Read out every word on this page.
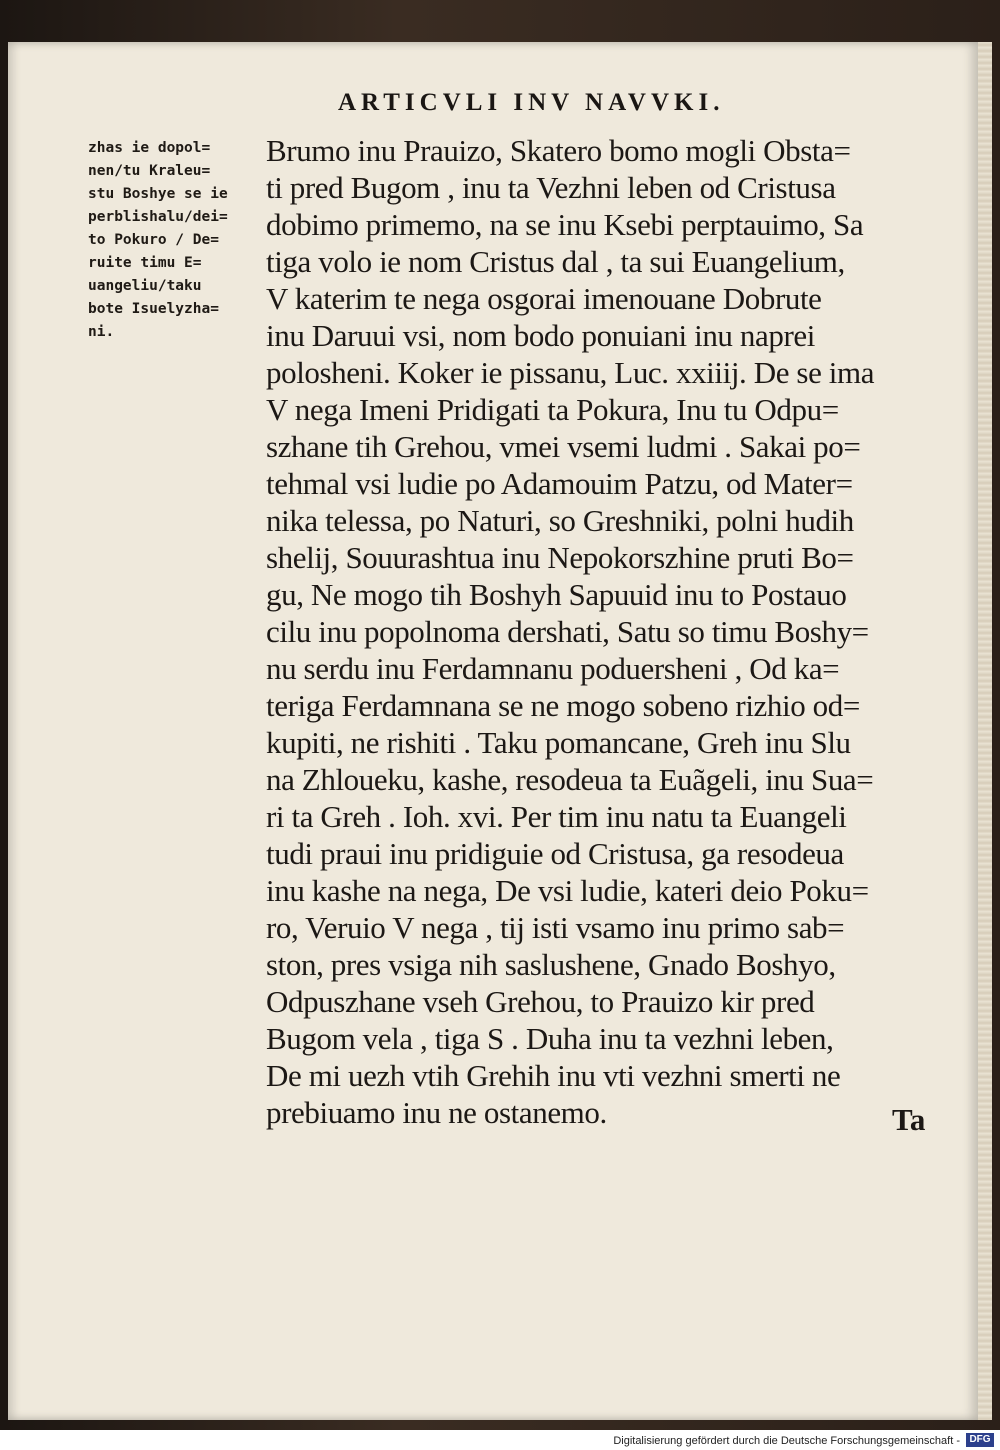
ARTICVLI INV NAVVKI.
zhas ie dopol=
nen/tu Kraleu=
stu Boshye se ie
perblishalu/dei=
to Pokuro / De=
ruite timu E=
uangeliu/taku
bote Isuelyzha=
ni.
Brumo inu Prauizo, Skatero bomo mogli Obsta=
ti pred Bugom , inu ta Vezhni leben od Cristusa
dobimo primemo, na se inu Ksebi perptauimo, Sa
tiga volo ie nom Cristus dal , ta sui Euangelium,
V katerim te nega osgorai imenouane Dobrute
inu Daruui vsi, nom bodo ponuiani inu naprei
polosheni. Koker ie pissanu, Luc. xxiiij. De se ima
V nega Imeni Pridigati ta Pokura, Inu tu Odpu=
szhane tih Grehou, vmei vsemi ludmi . Sakai po=
tehmal vsi ludie po Adamouim Patzu, od Mater=
nika telessa, po Naturi, so Greshniki, polni hudih
shelij, Souurashtua inu Nepokorszhine pruti Bo=
gu, Ne mogo tih Boshyh Sapuuid inu to Postauo
cilu inu popolnoma dershati, Satu so timu Boshy=
nu serdu inu Ferdamnanu poduersheni , Od ka=
teriga Ferdamnana se ne mogo sobeno rizhio od=
kupiti, ne rishiti . Taku pomancane, Greh inu Slu
na Zhloueku, kashe, resodeua ta Euãgeli, inu Sua=
ri ta Greh . Ioh. xvi. Per tim inu natu ta Euangeli
tudi praui inu pridiguie od Cristusa, ga resodeua
inu kashe na nega, De vsi ludie, kateri deio Poku=
ro, Veruio V nega , tij isti vsamo inu primo sab=
ston, pres vsiga nih saslushene, Gnado Boshyo,
Odpuszhane vseh Grehou, to Prauizo kir pred
Bugom vela , tiga S . Duha inu ta vezhni leben,
De mi uezh vtih Grehih inu vti vezhni smerti ne
prebiuamo inu ne ostanemo.	Ta
Digitalisierung gefördert durch die Deutsche Forschungsgemeinschaft - DFG
